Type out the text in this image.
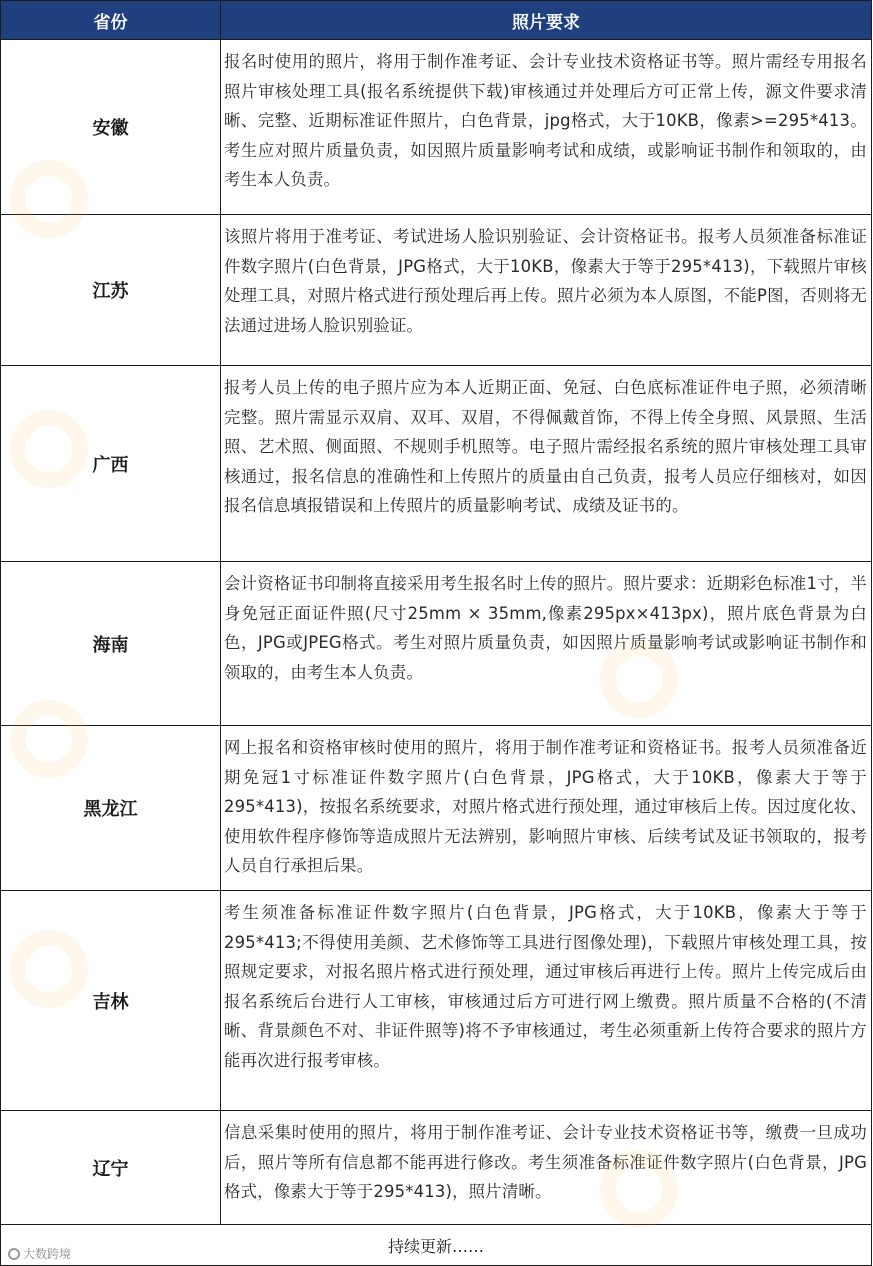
省份	照片要求
安徽	报名时使用的照片，将用于制作准考证、会计专业技术资格证书等。照片需经专用报名照片审核处理工具(报名系统提供下载)审核通过并处理后方可正常上传，源文件要求清晰、完整、近期标准证件照片，白色背景，jpg格式，大于10KB，像素>=295*413。考生应对照片质量负责，如因照片质量影响考试和成绩，或影响证书制作和领取的，由考生本人负责。
江苏	该照片将用于准考证、考试进场人脸识别验证、会计资格证书。报考人员须准备标准证件数字照片(白色背景，JPG格式，大于10KB，像素大于等于295*413)，下载照片审核处理工具，对照片格式进行预处理后再上传。照片必须为本人原图，不能P图，否则将无法通过进场人脸识别验证。
广西	报考人员上传的电子照片应为本人近期正面、免冠、白色底标准证件电子照，必须清晰完整。照片需显示双肩、双耳、双眉，不得佩戴首饰，不得上传全身照、风景照、生活照、艺术照、侧面照、不规则手机照等。电子照片需经报名系统的照片审核处理工具审核通过，报名信息的准确性和上传照片的质量由自己负责，报考人员应仔细核对，如因报名信息填报错误和上传照片的质量影响考试、成绩及证书的。
海南	会计资格证书印制将直接采用考生报名时上传的照片。照片要求：近期彩色标准1寸，半身免冠正面证件照(尺寸25mm × 35mm,像素295px×413px)，照片底色背景为白色，JPG或JPEG格式。考生对照片质量负责，如因照片质量影响考试或影响证书制作和领取的，由考生本人负责。
黑龙江	网上报名和资格审核时使用的照片，将用于制作准考证和资格证书。报考人员须准备近期免冠1寸标准证件数字照片(白色背景，JPG格式，大于10KB，像素大于等于295*413)，按报名系统要求，对照片格式进行预处理，通过审核后上传。因过度化妆、使用软件程序修饰等造成照片无法辨别，影响照片审核、后续考试及证书领取的，报考人员自行承担后果。
吉林	考生须准备标准证件数字照片(白色背景，JPG格式，大于10KB，像素大于等于295*413;不得使用美颜、艺术修饰等工具进行图像处理)，下载照片审核处理工具，按照规定要求，对报名照片格式进行预处理，通过审核后再进行上传。照片上传完成后由报名系统后台进行人工审核，审核通过后方可进行网上缴费。照片质量不合格的(不清晰、背景颜色不对、非证件照等)将不予审核通过，考生必须重新上传符合要求的照片方能再次进行报考审核。
辽宁	信息采集时使用的照片，将用于制作准考证、会计专业技术资格证书等，缴费一旦成功后，照片等所有信息都不能再进行修改。考生须准备标准证件数字照片(白色背景，JPG格式，像素大于等于295*413)，照片清晰。
持续更新……	
大数跨境
